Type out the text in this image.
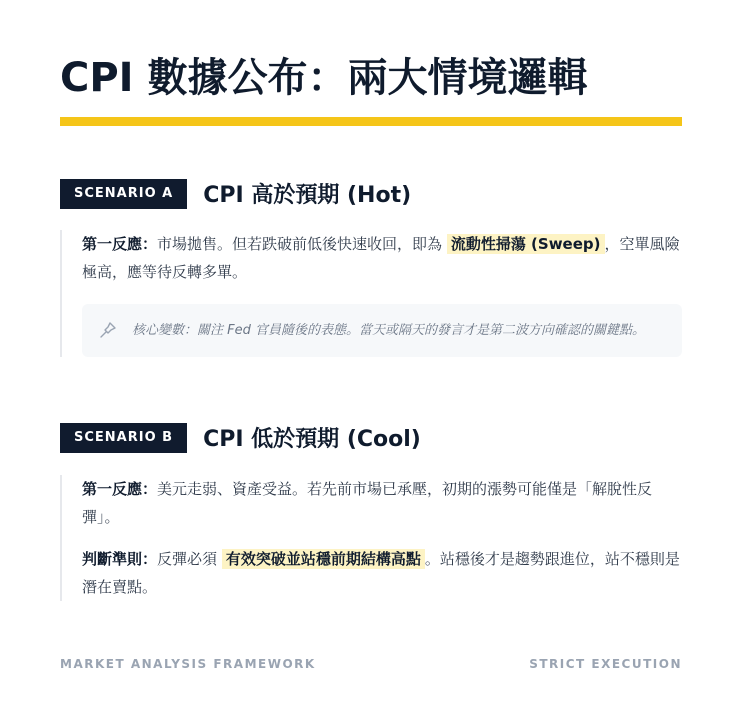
CPI 數據公布：兩大情境邏輯
SCENARIO A	CPI 高於預期 (Hot)

第一反應：市場拋售。但若跌破前低後快速收回，即為 流動性掃蕩 (Sweep) ，空單風險極高，應等待反轉多單。

核心變數：關注 Fed 官員隨後的表態。當天或隔天的發言才是第二波方向確認的關鍵點。
SCENARIO B	CPI 低於預期 (Cool)

第一反應：美元走弱、資產受益。若先前市場已承壓，初期的漲勢可能僅是「解脫性反彈」。

判斷準則：反彈必須 有效突破並站穩前期結構高點 。站穩後才是趨勢跟進位，站不穩則是潛在賣點。

MARKET ANALYSIS FRAMEWORK	STRICT EXECUTION
